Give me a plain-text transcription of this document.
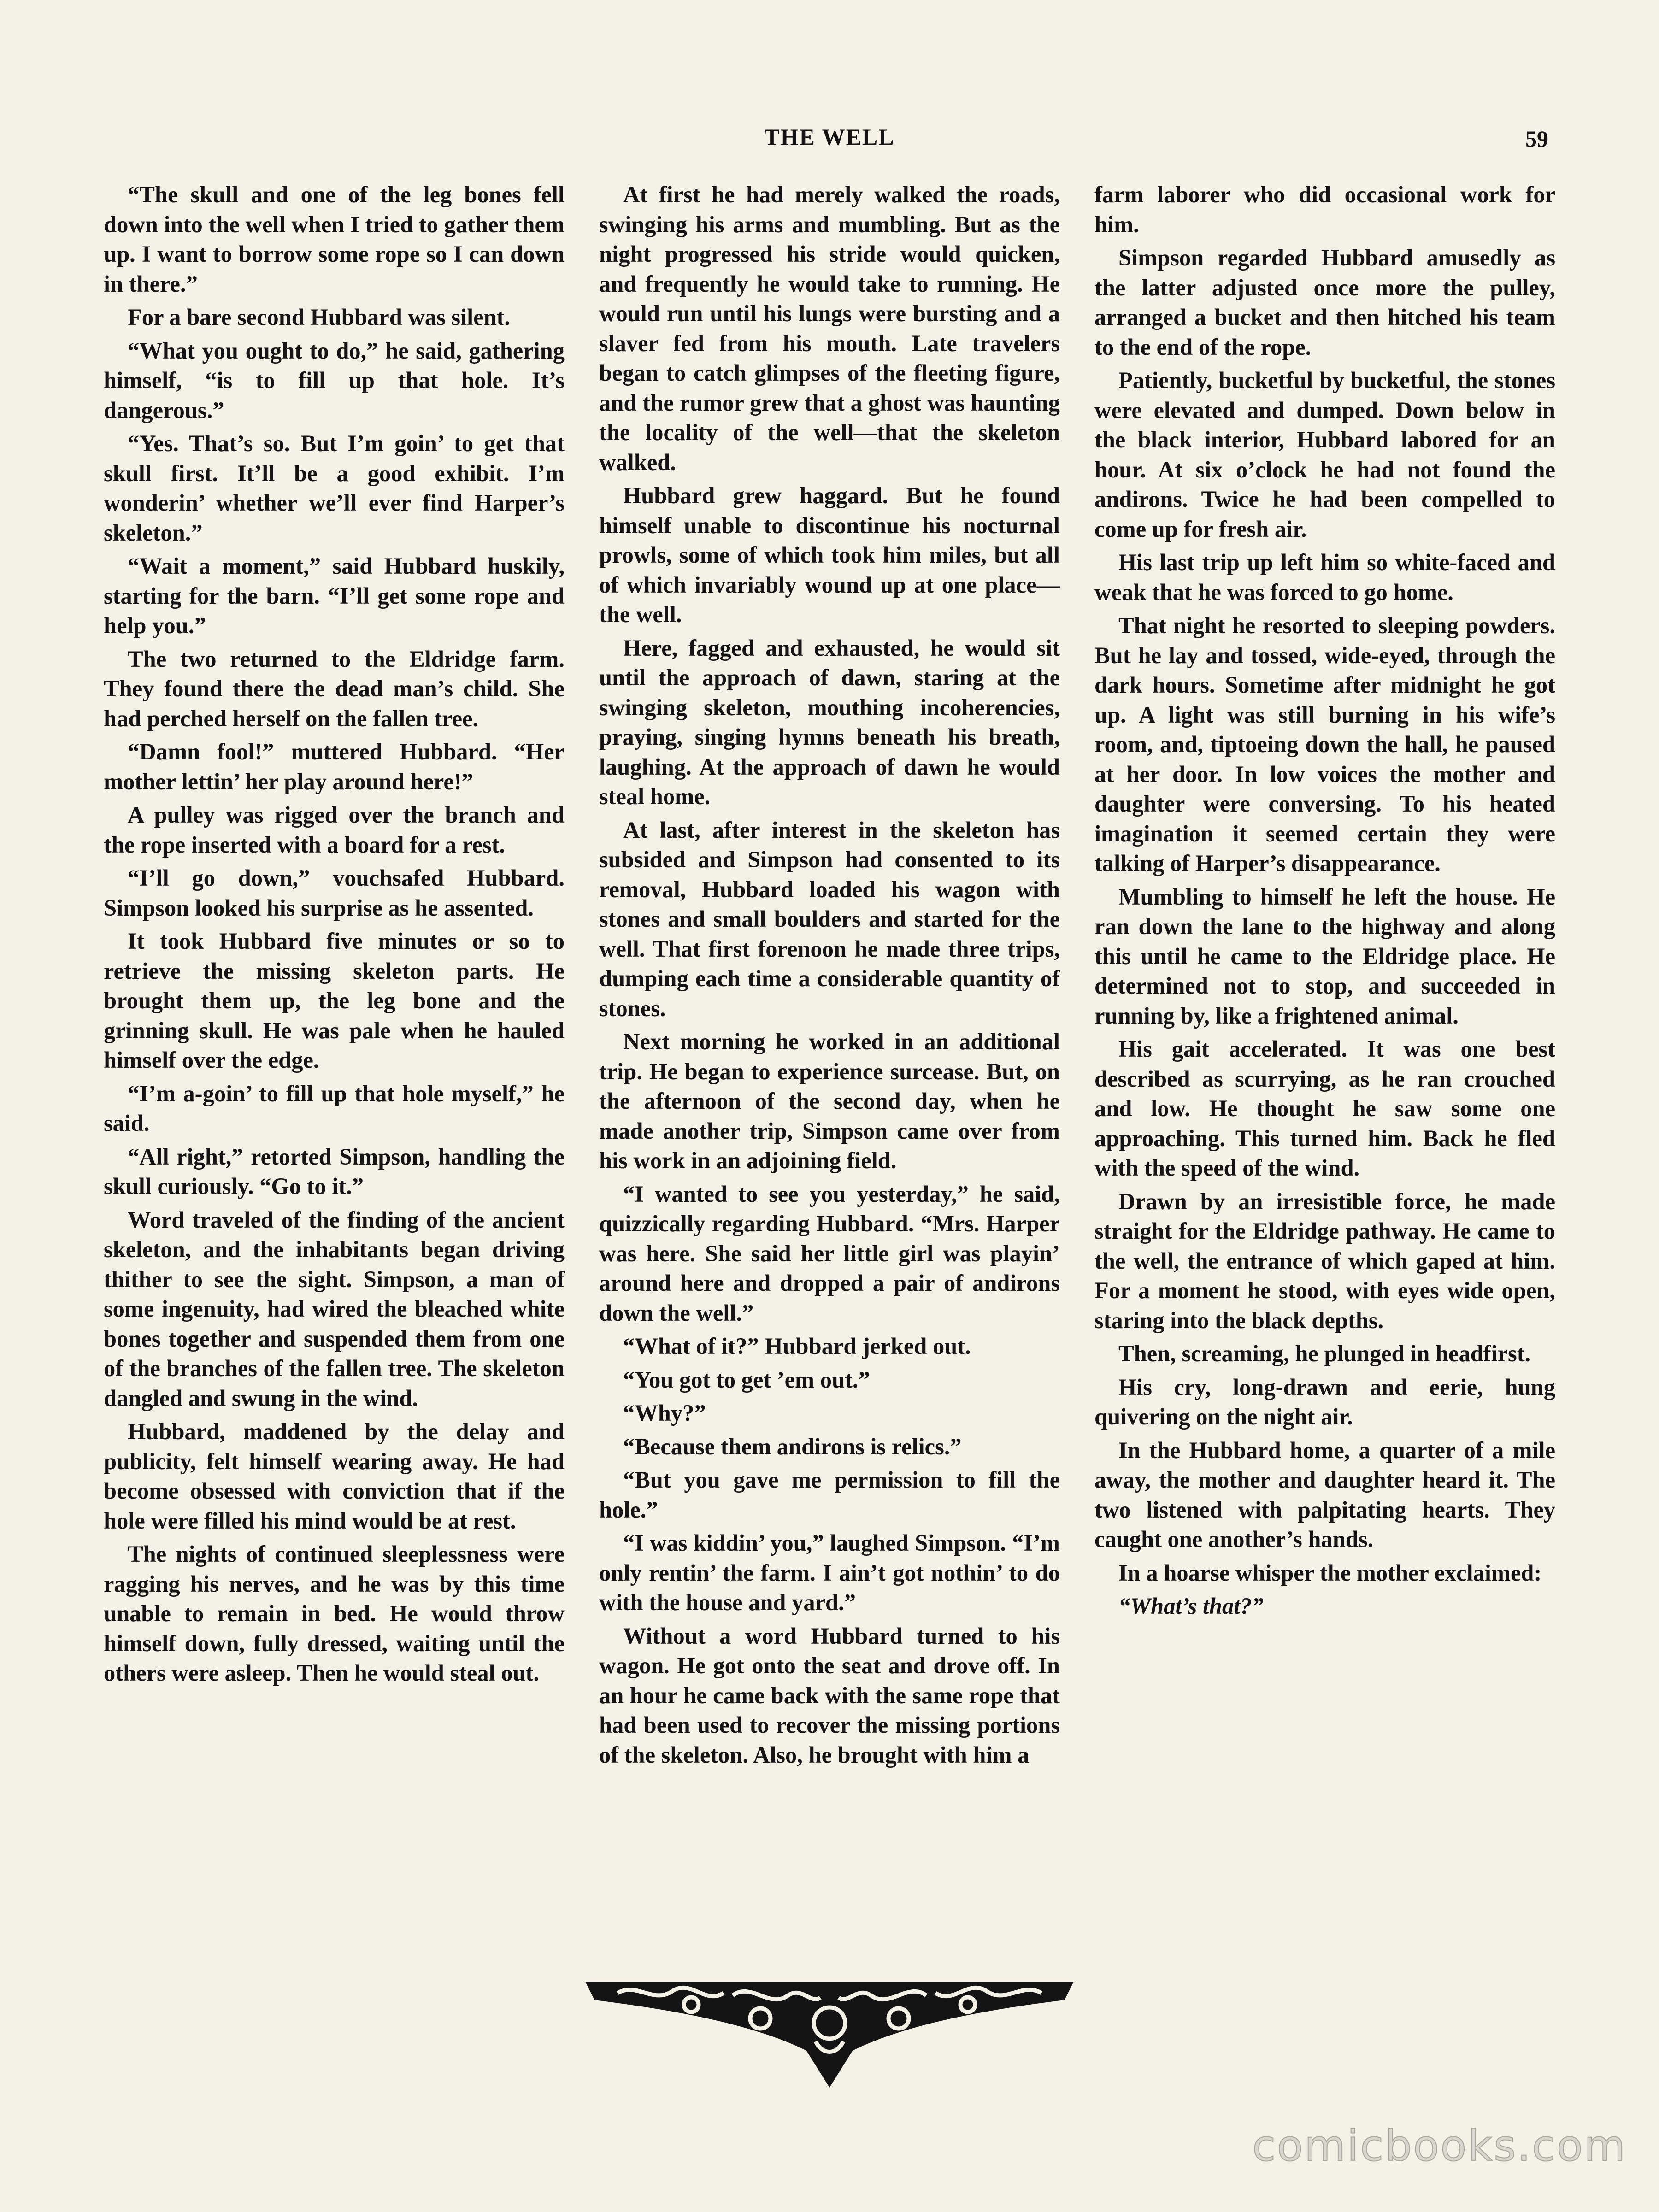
THE WELL	59

“The skull and one of the leg bones fell down into the well when I tried to gather them up. I want to borrow some rope so I can down in there.”

For a bare second Hubbard was silent.

“What you ought to do,” he said, gathering himself, “is to fill up that hole. It’s dangerous.”

“Yes. That’s so. But I’m goin’ to get that skull first. It’ll be a good exhibit. I’m wonderin’ whether we’ll ever find Harper’s skeleton.”

“Wait a moment,” said Hubbard huskily, starting for the barn. “I’ll get some rope and help you.”

The two returned to the Eldridge farm. They found there the dead man’s child. She had perched herself on the fallen tree.

“Damn fool!” muttered Hubbard. “Her mother lettin’ her play around here!”

A pulley was rigged over the branch and the rope inserted with a board for a rest.

“I’ll go down,” vouchsafed Hubbard. Simpson looked his surprise as he assented.

It took Hubbard five minutes or so to retrieve the missing skeleton parts. He brought them up, the leg bone and the grinning skull. He was pale when he hauled himself over the edge.

“I’m a-goin’ to fill up that hole myself,” he said.

“All right,” retorted Simpson, handling the skull curiously. “Go to it.”

Word traveled of the finding of the ancient skeleton, and the inhabitants began driving thither to see the sight. Simpson, a man of some ingenuity, had wired the bleached white bones together and suspended them from one of the branches of the fallen tree. The skeleton dangled and swung in the wind.

Hubbard, maddened by the delay and publicity, felt himself wearing away. He had become obsessed with conviction that if the hole were filled his mind would be at rest.

The nights of continued sleeplessness were ragging his nerves, and he was by this time unable to remain in bed. He would throw himself down, fully dressed, waiting until the others were asleep. Then he would steal out.

At first he had merely walked the roads, swinging his arms and mumbling. But as the night progressed his stride would quicken, and frequently he would take to running. He would run until his lungs were bursting and a slaver fed from his mouth. Late travelers began to catch glimpses of the fleeting figure, and the rumor grew that a ghost was haunting the locality of the well—that the skeleton walked.

Hubbard grew haggard. But he found himself unable to discontinue his nocturnal prowls, some of which took him miles, but all of which invariably wound up at one place—the well.

Here, fagged and exhausted, he would sit until the approach of dawn, staring at the swinging skeleton, mouthing incoherencies, praying, singing hymns beneath his breath, laughing. At the approach of dawn he would steal home.

At last, after interest in the skeleton has subsided and Simpson had consented to its removal, Hubbard loaded his wagon with stones and small boulders and started for the well. That first forenoon he made three trips, dumping each time a considerable quantity of stones.

Next morning he worked in an additional trip. He began to experience surcease. But, on the afternoon of the second day, when he made another trip, Simpson came over from his work in an adjoining field.

“I wanted to see you yesterday,” he said, quizzically regarding Hubbard. “Mrs. Harper was here. She said her little girl was playin’ around here and dropped a pair of andirons down the well.”

“What of it?” Hubbard jerked out.

“You got to get ’em out.”

“Why?”

“Because them andirons is relics.”

“But you gave me permission to fill the hole.”

“I was kiddin’ you,” laughed Simpson. “I’m only rentin’ the farm. I ain’t got nothin’ to do with the house and yard.”

Without a word Hubbard turned to his wagon. He got onto the seat and drove off. In an hour he came back with the same rope that had been used to recover the missing portions of the skeleton. Also, he brought with him a

farm laborer who did occasional work for him.

Simpson regarded Hubbard amusedly as the latter adjusted once more the pulley, arranged a bucket and then hitched his team to the end of the rope.

Patiently, bucketful by bucketful, the stones were elevated and dumped. Down below in the black interior, Hubbard labored for an hour. At six o’clock he had not found the andirons. Twice he had been compelled to come up for fresh air.

His last trip up left him so white-faced and weak that he was forced to go home.

That night he resorted to sleeping powders. But he lay and tossed, wide-eyed, through the dark hours. Sometime after midnight he got up. A light was still burning in his wife’s room, and, tiptoeing down the hall, he paused at her door. In low voices the mother and daughter were conversing. To his heated imagination it seemed certain they were talking of Harper’s disappearance.

Mumbling to himself he left the house. He ran down the lane to the highway and along this until he came to the Eldridge place. He determined not to stop, and succeeded in running by, like a frightened animal.

His gait accelerated. It was one best described as scurrying, as he ran crouched and low. He thought he saw some one approaching. This turned him. Back he fled with the speed of the wind.

Drawn by an irresistible force, he made straight for the Eldridge pathway. He came to the well, the entrance of which gaped at him. For a moment he stood, with eyes wide open, staring into the black depths.

Then, screaming, he plunged in headfirst.

His cry, long-drawn and eerie, hung quivering on the night air.

In the Hubbard home, a quarter of a mile away, the mother and daughter heard it. The two listened with palpitating hearts. They caught one another’s hands.

In a hoarse whisper the mother exclaimed:

“What’s that?”

comicbooks.com
